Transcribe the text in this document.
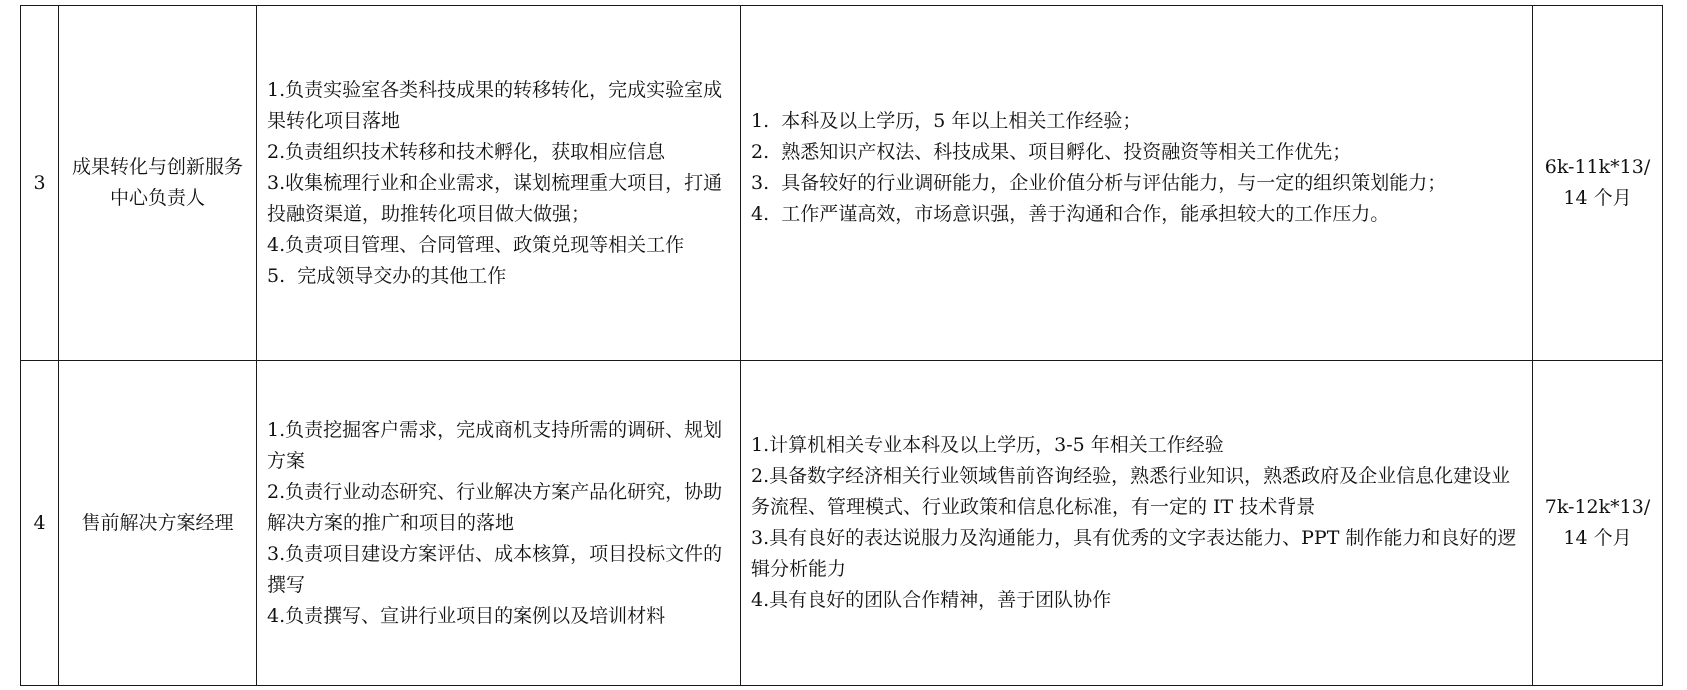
3	成果转化与创新服务中心负责人	1.负责实验室各类科技成果的转移转化，完成实验室成果转化项目落地
2.负责组织技术转移和技术孵化，获取相应信息
3.收集梳理行业和企业需求，谋划梳理重大项目，打通投融资渠道，助推转化项目做大做强；
4.负责项目管理、合同管理、政策兑现等相关工作
5.  完成领导交办的其他工作	1.  本科及以上学历，5 年以上相关工作经验；
2.  熟悉知识产权法、科技成果、项目孵化、投资融资等相关工作优先；
3.  具备较好的行业调研能力，企业价值分析与评估能力，与一定的组织策划能力；
4.  工作严谨高效，市场意识强，善于沟通和合作，能承担较大的工作压力。	6k-11k*13/
14 个月

4	售前解决方案经理	1.负责挖掘客户需求，完成商机支持所需的调研、规划方案
2.负责行业动态研究、行业解决方案产品化研究，协助解决方案的推广和项目的落地
3.负责项目建设方案评估、成本核算，项目投标文件的撰写
4.负责撰写、宣讲行业项目的案例以及培训材料	1.计算机相关专业本科及以上学历，3-5 年相关工作经验
2.具备数字经济相关行业领域售前咨询经验，熟悉行业知识，熟悉政府及企业信息化建设业务流程、管理模式、行业政策和信息化标准，有一定的 IT 技术背景
3.具有良好的表达说服力及沟通能力，具有优秀的文字表达能力、PPT 制作能力和良好的逻辑分析能力
4.具有良好的团队合作精神，善于团队协作	7k-12k*13/
14 个月
